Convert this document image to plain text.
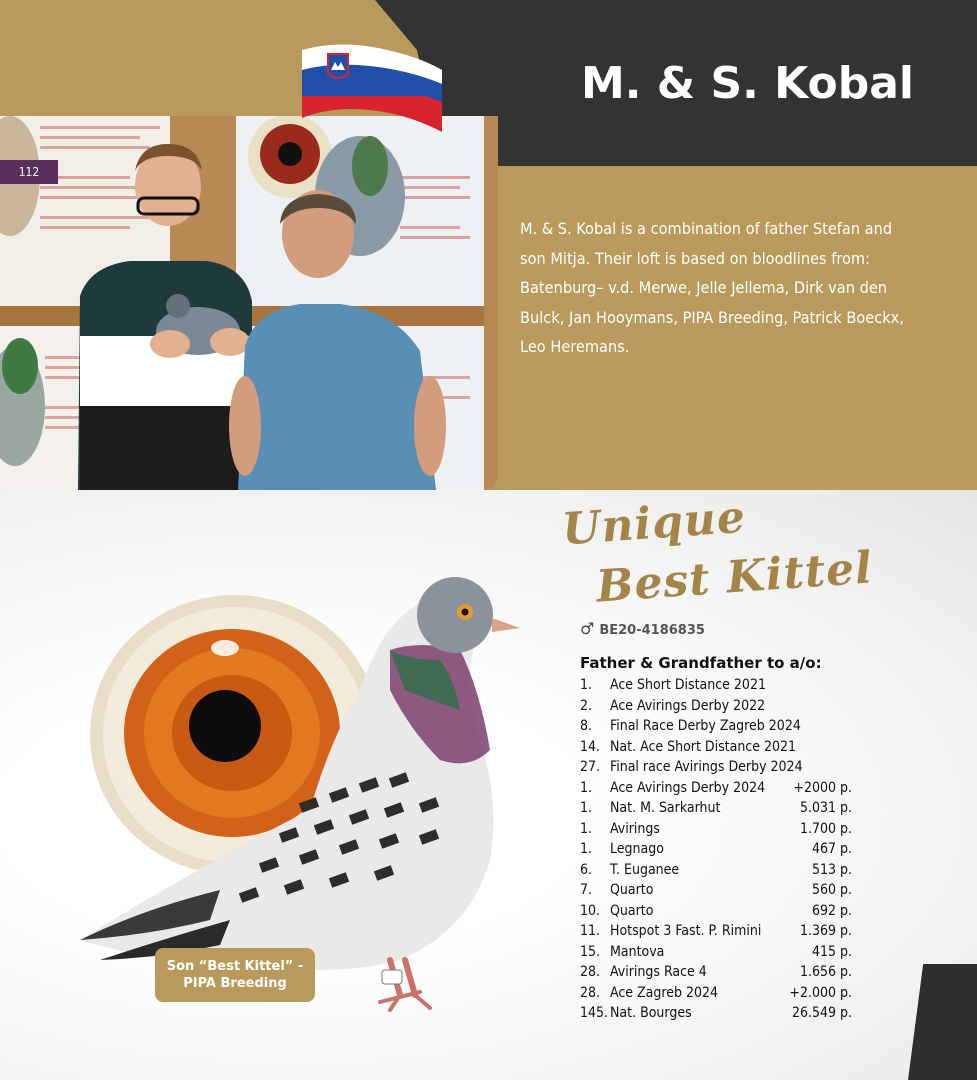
M. & S. Kobal
112
M. & S. Kobal is a combination of father Stefan and son Mitja. Their loft is based on bloodlines from: Batenburg– v.d. Merwe, Jelle Jellema, Dirk van den Bulck, Jan Hooymans, PIPA Breeding, Patrick Boeckx, Leo Heremans.
Son “Best Kittel” -
PIPA Breeding
Unique
Best Kittel
♂ BE20-4186835
Father & Grandfather to a/o:
1. Ace Short Distance 2021
2. Ace Avirings Derby 2022
8. Final Race Derby Zagreb 2024
14. Nat. Ace Short Distance 2021
27. Final race Avirings Derby 2024
1. Ace Avirings Derby 2024 +2000 p.
1. Nat. M. Sarkarhut	5.031 p.
1. Avirings	1.700 p.
1. Legnago	467 p.
6. T. Euganee	513 p.
7. Quarto	560 p.
10. Quarto	692 p.
11. Hotspot 3 Fast. P. Rimini	1.369 p.
15. Mantova	415 p.
28. Avirings Race 4	1.656 p.
28. Ace Zagreb 2024	+2.000 p.
145. Nat. Bourges	26.549 p.
